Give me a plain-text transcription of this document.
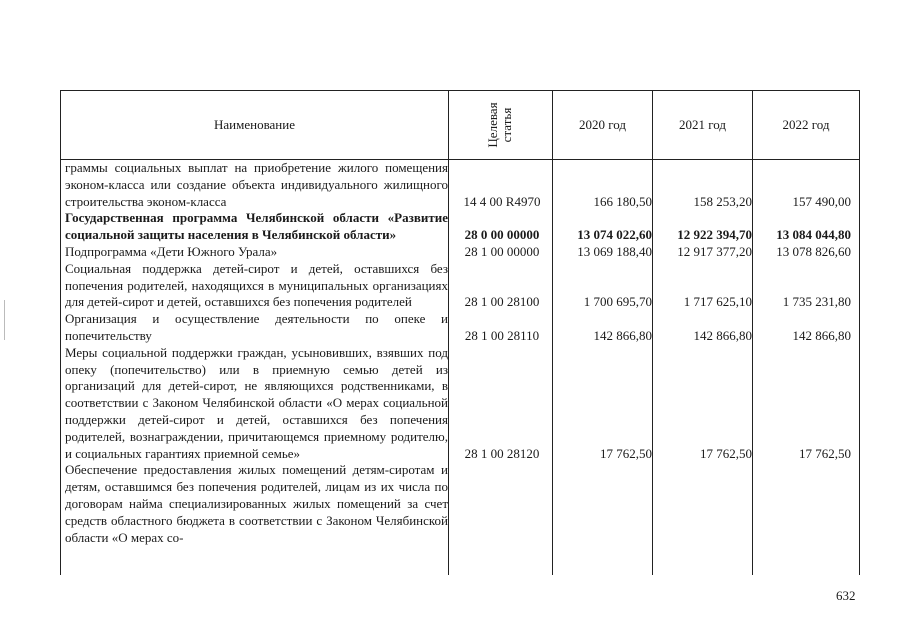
Наименование	Целевая статья	2020 год	2021 год	2022 год
граммы социальных выплат на приобретение жилого помещения эконом-класса или создание объекта индивидуального жилищного строительства эконом-класса	14 4 00 R4970	166 180,50	158 253,20	157 490,00
Государственная программа Челябинской области «Развитие социальной защиты населения в Челябинской области»	28 0 00 00000	13 074 022,60	12 922 394,70	13 084 044,80
Подпрограмма «Дети Южного Урала»	28 1 00 00000	13 069 188,40	12 917 377,20	13 078 826,60
Социальная поддержка детей-сирот и детей, оставшихся без попечения родителей, находящихся в муниципальных организациях для детей-сирот и детей, оставшихся без попечения родителей	28 1 00 28100	1 700 695,70	1 717 625,10	1 735 231,80
Организация и осуществление деятельности по опеке и попечительству	28 1 00 28110	142 866,80	142 866,80	142 866,80
Меры социальной поддержки граждан, усыновивших, взявших под опеку (попечительство) или в приемную семью детей из организаций для детей-сирот, не являющихся родственниками, в соответствии с Законом Челябинской области «О мерах социальной поддержки детей-сирот и детей, оставшихся без попечения родителей, вознаграждении, причитающемся приемному родителю, и социальных гарантиях приемной семье»	28 1 00 28120	17 762,50	17 762,50	17 762,50
Обеспечение предоставления жилых помещений детям-сиротам и детям, оставшимся без попечения родителей, лицам из их числа по договорам найма специализированных жилых помещений за счет средств областного бюджета в соответствии с Законом Челябинской области «О мерах со-
632
